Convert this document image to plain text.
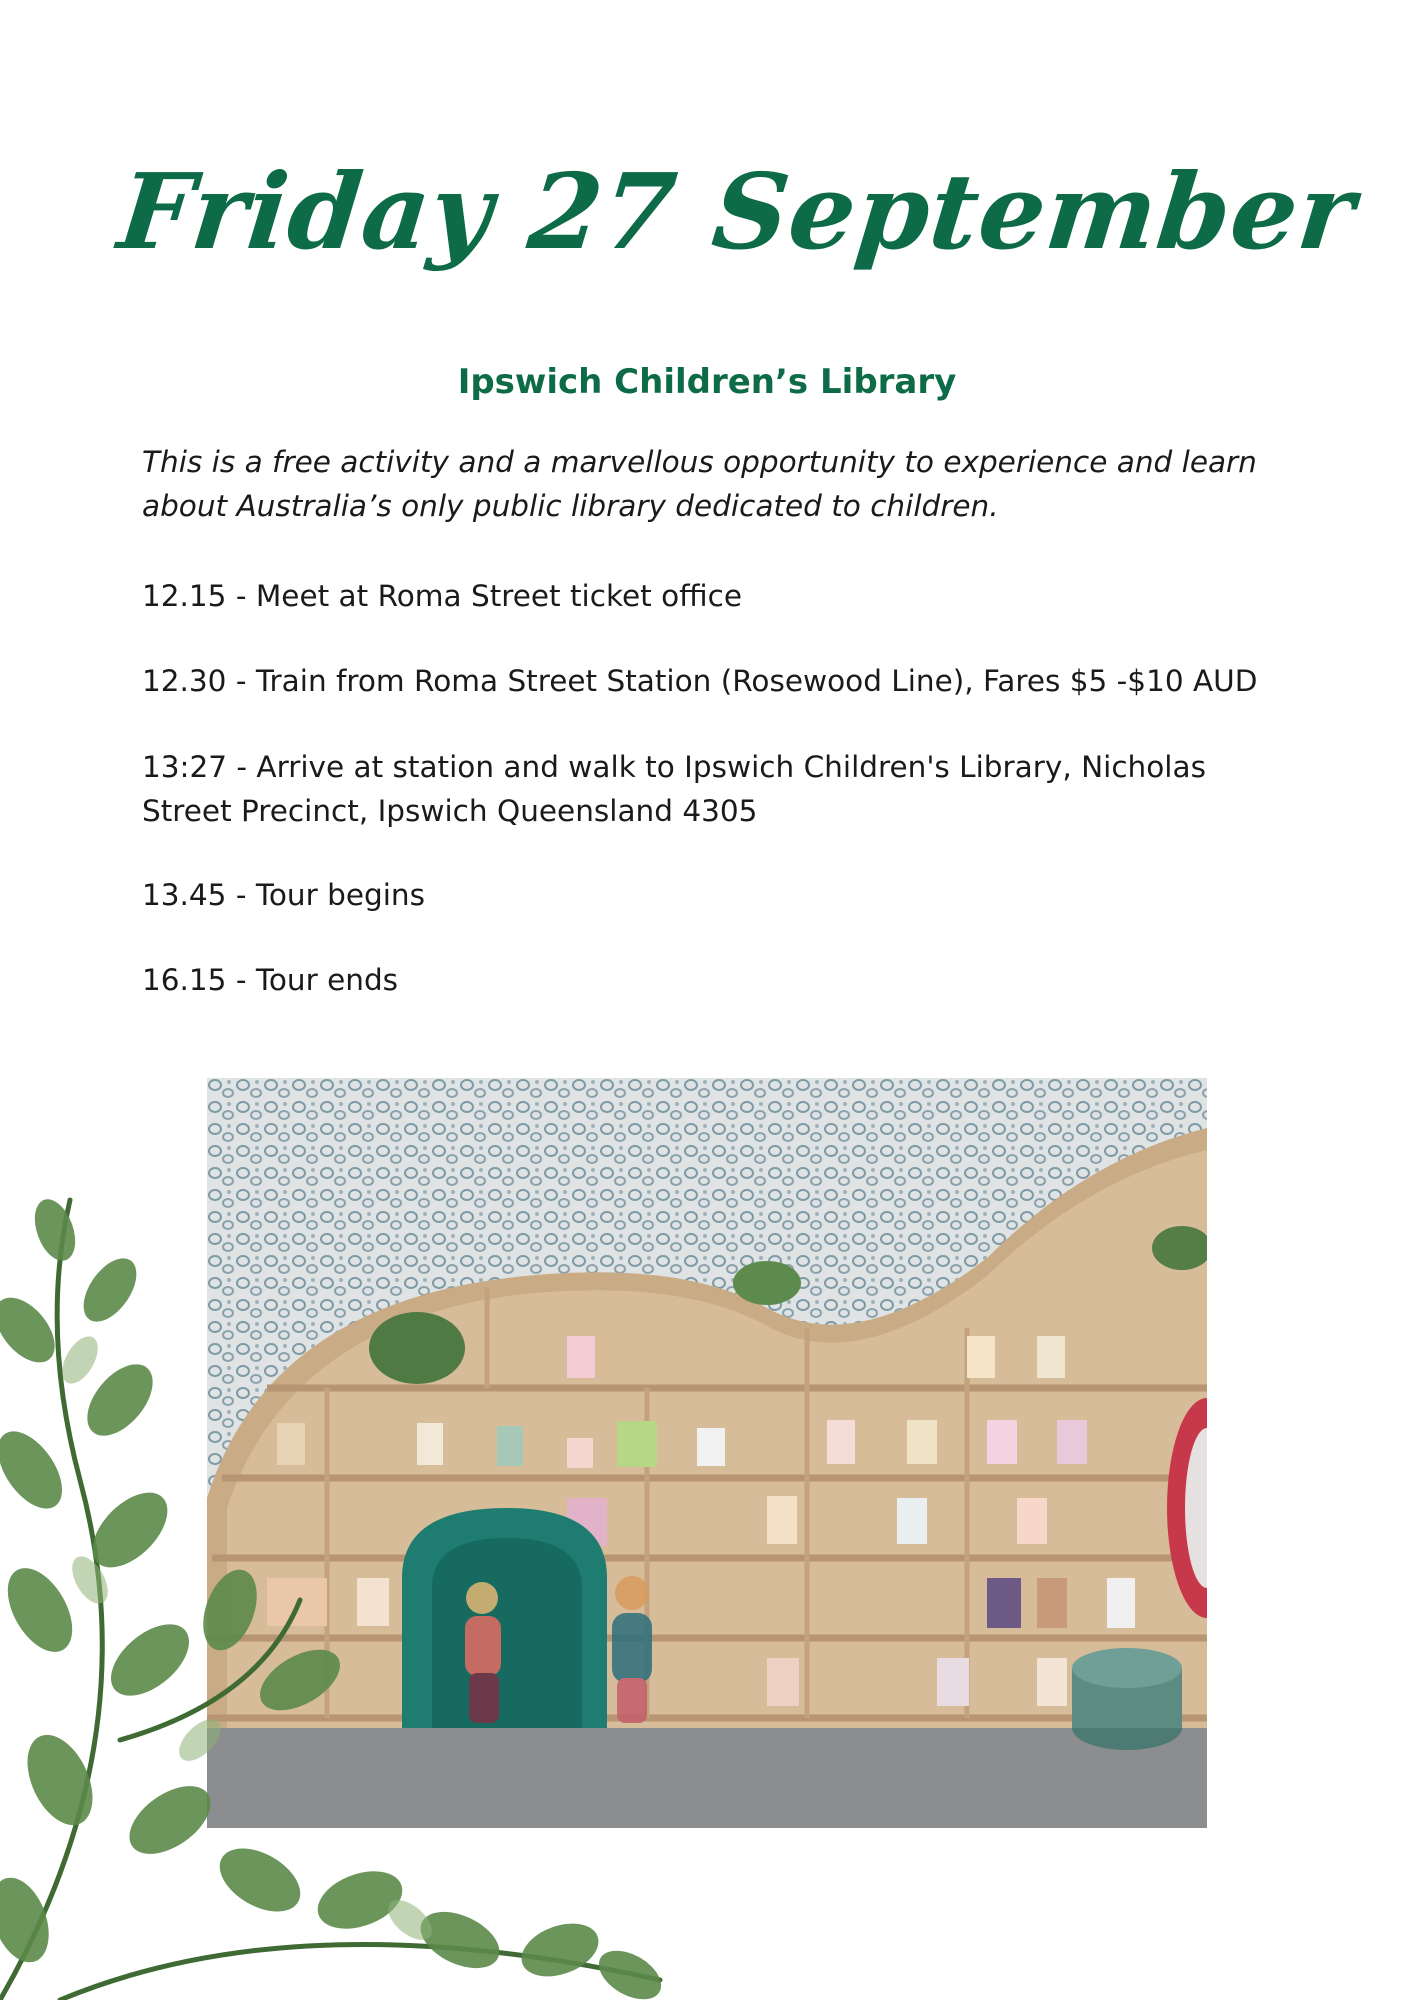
Friday 27 September
Ipswich Children’s Library

This is a free activity and a marvellous opportunity to experience and learn about Australia’s only public library dedicated to children.

12.15 - Meet at Roma Street ticket office
12.30 - Train from Roma Street Station (Rosewood Line), Fares $5 -$10 AUD
13:27 - Arrive at station and walk to Ipswich Children's Library, Nicholas Street Precinct, Ipswich Queensland 4305
13.45 - Tour begins
16.15 - Tour ends
